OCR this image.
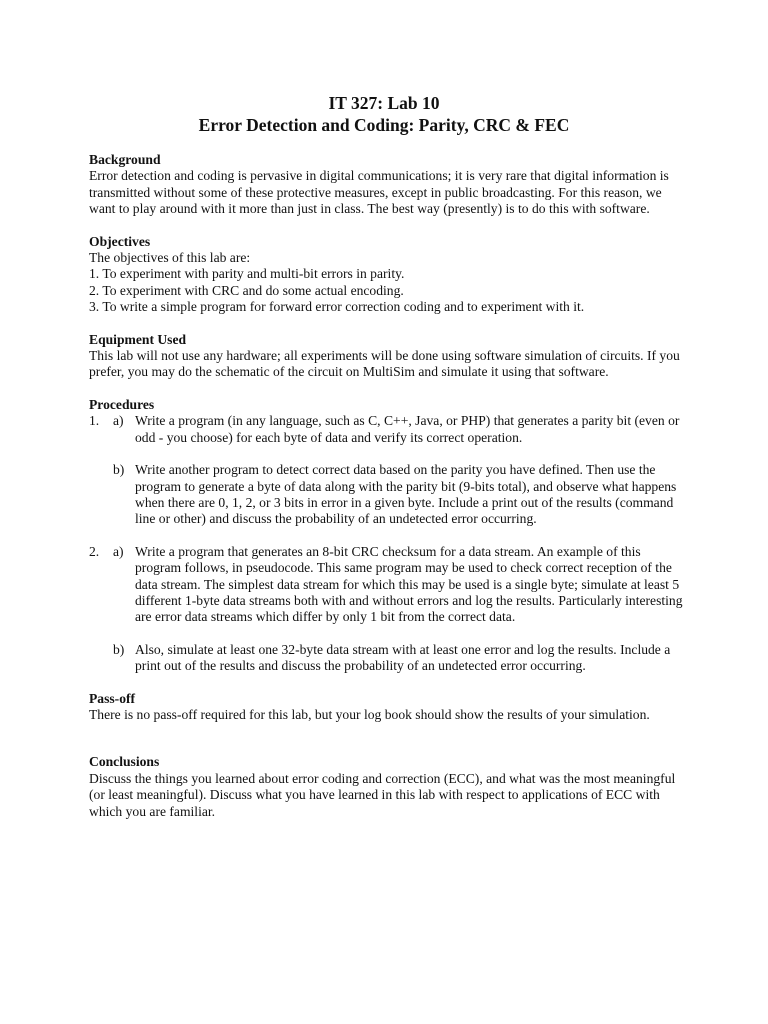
IT 327: Lab 10
Error Detection and Coding: Parity, CRC & FEC
Background
Error detection and coding is pervasive in digital communications; it is very rare that digital information is transmitted without some of these protective measures, except in public broadcasting. For this reason, we want to play around with it more than just in class. The best way (presently) is to do this with software.
Objectives
The objectives of this lab are:
1. To experiment with parity and multi-bit errors in parity.
2. To experiment with CRC and do some actual encoding.
3. To write a simple program for forward error correction coding and to experiment with it.
Equipment Used
This lab will not use any hardware; all experiments will be done using software simulation of circuits. If you prefer, you may do the schematic of the circuit on MultiSim and simulate it using that software.
Procedures
1.	a) Write a program (in any language, such as C, C++, Java, or PHP) that generates a parity bit (even or odd - you choose) for each byte of data and verify its correct operation.
b) Write another program to detect correct data based on the parity you have defined. Then use the program to generate a byte of data along with the parity bit (9-bits total), and observe what happens when there are 0, 1, 2, or 3 bits in error in a given byte. Include a print out of the results (command line or other) and discuss the probability of an undetected error occurring.
2.	a) Write a program that generates an 8-bit CRC checksum for a data stream. An example of this program follows, in pseudocode. This same program may be used to check correct reception of the data stream. The simplest data stream for which this may be used is a single byte; simulate at least 5 different 1-byte data streams both with and without errors and log the results. Particularly interesting are error data streams which differ by only 1 bit from the correct data.
b) Also, simulate at least one 32-byte data stream with at least one error and log the results. Include a print out of the results and discuss the probability of an undetected error occurring.
Pass-off
There is no pass-off required for this lab, but your log book should show the results of your simulation.
Conclusions
Discuss the things you learned about error coding and correction (ECC), and what was the most meaningful (or least meaningful). Discuss what you have learned in this lab with respect to applications of ECC with which you are familiar.
